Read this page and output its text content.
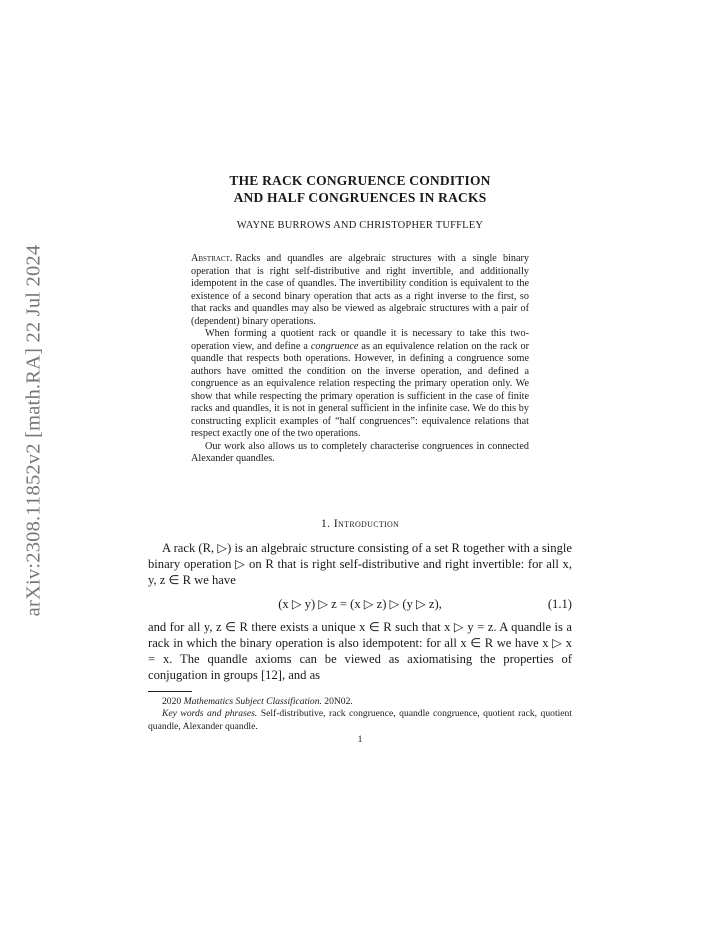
arXiv:2308.11852v2 [math.RA] 22 Jul 2024
THE RACK CONGRUENCE CONDITION
AND HALF CONGRUENCES IN RACKS
WAYNE BURROWS AND CHRISTOPHER TUFFLEY

Abstract. Racks and quandles are algebraic structures with a single binary operation that is right self-distributive and right invertible, and additionally idempotent in the case of quandles. The invertibility condition is equivalent to the existence of a second binary operation that acts as a right inverse to the first, so that racks and quandles may also be viewed as algebraic structures with a pair of (dependent) binary operations.

When forming a quotient rack or quandle it is necessary to take this two-operation view, and define a congruence as an equivalence relation on the rack or quandle that respects both operations. However, in defining a congruence some authors have omitted the condition on the inverse operation, and defined a congruence as an equivalence relation respecting the primary operation only. We show that while respecting the primary operation is sufficient in the case of finite racks and quandles, it is not in general sufficient in the infinite case. We do this by constructing explicit examples of “half congruences”: equivalence relations that respect exactly one of the two operations.

Our work also allows us to completely characterise congruences in connected Alexander quandles.

1. Introduction

A rack (R, ▷) is an algebraic structure consisting of a set R together with a single binary operation ▷ on R that is right self-distributive and right invertible: for all x, y, z ∈ R we have

(x ▷ y) ▷ z = (x ▷ z) ▷ (y ▷ z),	(1.1)

and for all y, z ∈ R there exists a unique x ∈ R such that x ▷ y = z. A quandle is a rack in which the binary operation is also idempotent: for all x ∈ R we have x ▷ x = x. The quandle axioms can be viewed as axiomatising the properties of conjugation in groups [12], and as

2020 Mathematics Subject Classification. 20N02.

Key words and phrases. Self-distributive, rack congruence, quandle congruence, quotient rack, quotient quandle, Alexander quandle.

1
